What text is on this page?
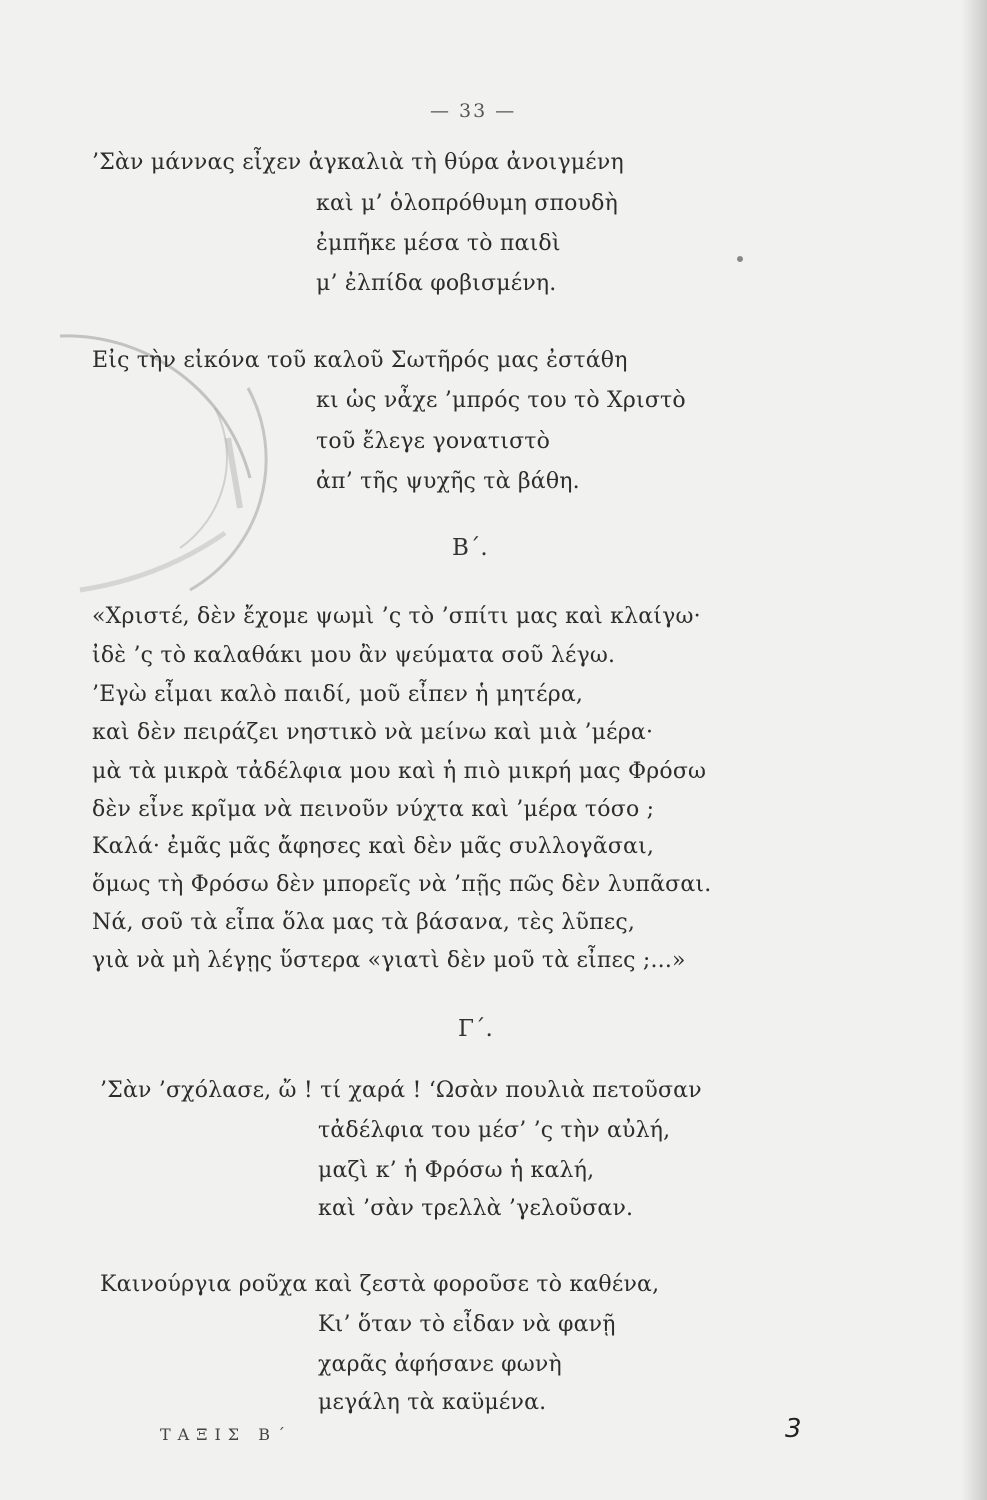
— 33 —
’Σὰν μάννας εἶχεν ἀγκαλιὰ τὴ θύρα ἀνοιγμένη
καὶ μ’ ὁλοπρόθυμη σπουδὴ
ἐμπῆκε μέσα τὸ παιδὶ
μ’ ἐλπίδα φοβισμένη.
Εἰς τὴν εἰκόνα τοῦ καλοῦ Σωτῆρός μας ἐστάθη
κι ὡς νἆχε ’μπρός του τὸ Χριστὸ
τοῦ ἔλεγε γονατιστὸ
ἀπ’ τῆς ψυχῆς τὰ βάθη.
Β΄.
«Χριστέ, δὲν ἔχομε ψωμὶ ’ς τὸ ’σπίτι μας καὶ κλαίγω·
ἰδὲ ’ς τὸ καλαθάκι μου ἂν ψεύματα σοῦ λέγω.
’Εγὼ εἶμαι καλὸ παιδί, μοῦ εἶπεν ἡ μητέρα,
καὶ δὲν πειράζει νηστικὸ νὰ μείνω καὶ μιὰ ’μέρα·
μὰ τὰ μικρὰ τἀδέλφια μου καὶ ἡ πιὸ μικρή μας Φρόσω
δὲν εἶνε κρῖμα νὰ πεινοῦν νύχτα καὶ ’μέρα τόσο ;
Καλά· ἐμᾶς μᾶς ἄφησες καὶ δὲν μᾶς συλλογᾶσαι,
ὅμως τὴ Φρόσω δὲν μπορεῖς νὰ ’πῇς πῶς δὲν λυπᾶσαι.
Νά, σοῦ τὰ εἶπα ὅλα μας τὰ βάσανα, τὲς λῦπες,
γιὰ νὰ μὴ λέγῃς ὕστερα «γιατὶ δὲν μοῦ τὰ εἶπες ;...»
Γ΄.
’Σὰν ’σχόλασε, ὤ ! τί χαρά ! ‘Ωσὰν πουλιὰ πετοῦσαν
τἀδέλφια του μέσ’ ’ς τὴν αὐλή,
μαζὶ κ’ ἡ Φρόσω ἡ καλή,
καὶ ’σὰν τρελλὰ ’γελοῦσαν.
Καινούργια ροῦχα καὶ ζεστὰ φοροῦσε τὸ καθένα,
Κι’ ὅταν τὸ εἶδαν νὰ φανῇ
χαρᾶς ἀφήσανε φωνὴ
μεγάλη τὰ καϋμένα.
ΤΑΞΙΣ Β΄	3
